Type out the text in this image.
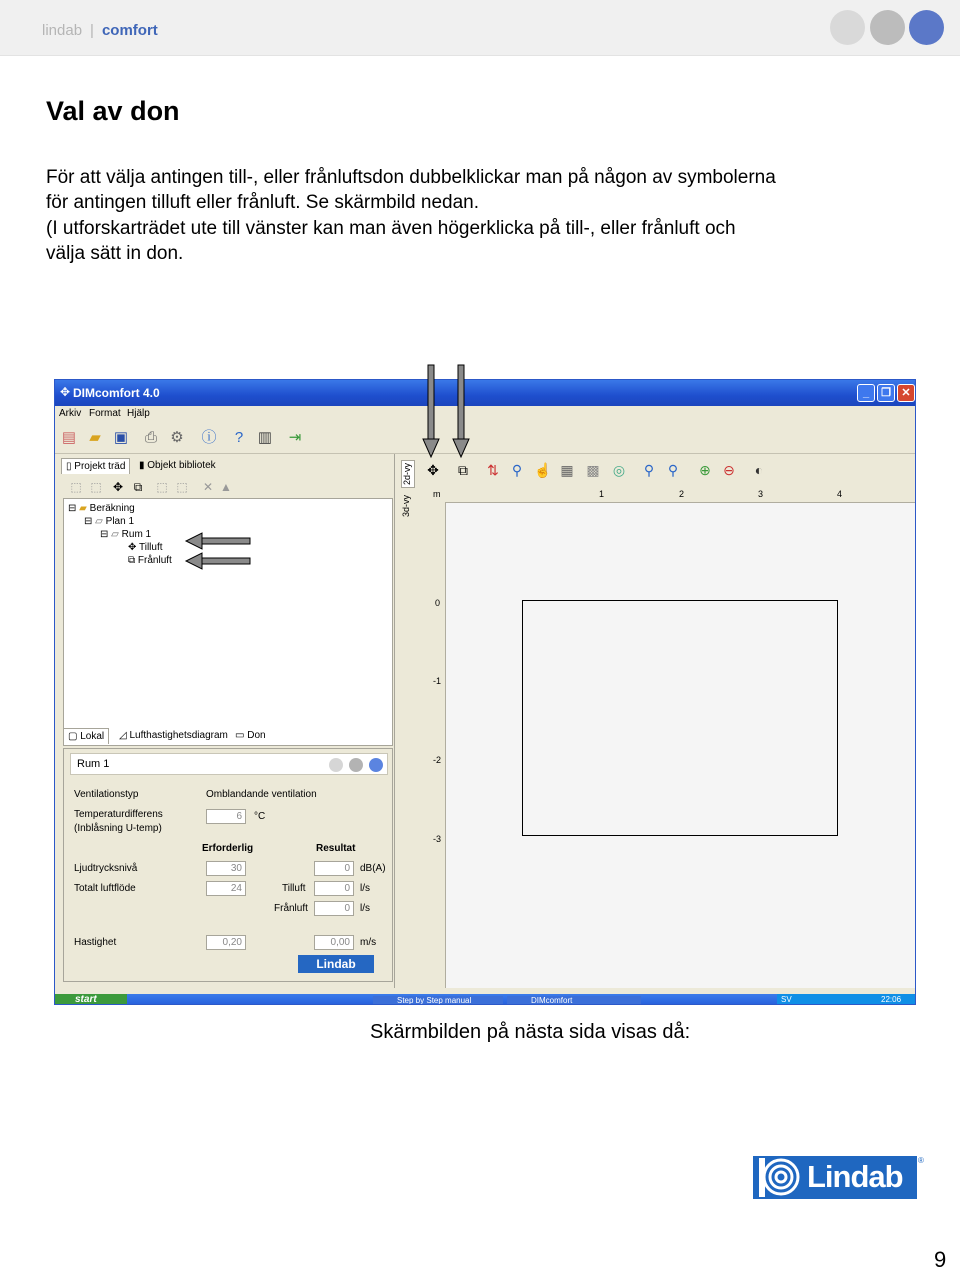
lindab | comfort
Val av don
För att välja antingen till-, eller frånluftsdon dubbelklickar man på någon av symbolerna
för antingen tilluft eller frånluft. Se skärmbild nedan.
(I utforskarträdet ute till vänster kan man även högerklicka på till-, eller frånluft och
välja sätt in don.
✥ DIMcomfort 4.0	_	❐ ✕
Arkiv Format Hjälp
▤ ▰ ▣ ⎙ ⚙ ⓘ	? ▥ ⇥
▯ Projekt träd	▮ Objekt bibliotek
⬚ ⬚ ✥ ⧉	⬚ ⬚	✕ ▲
⊟ ▰ Beräkning
⊟ ▱ Plan 1
⊟ ▱ Rum 1
✥ Tilluft
⧉ Frånluft
▢ Lokal	◿ Lufthastighetsdiagram ▭ Don
Rum 1
Ventilationstyp	Omblandande ventilation
Temperaturdifferens
(Inblåsning U-temp)
6	°C
Erforderlig	Resultat
Ljudtrycksnivå	30	0	dB(A)
Totalt luftflöde	24	Tilluft	0	l/s
Frånluft	0	l/s
Hastighet	0,20	0,00	m/s
Lindab
2d-vy
3d-vy
✥	⧉	⇅ ⚲ ☝ ▦ ▩ ◎	⚲ ⚲	⊕ ⊖	◐
m	1	2	3	4
0
-1
-2
-3
start	Step by Step manual	DIMcomfort	SV	22:06
Skärmbilden på nästa sida visas då:
Lindab ®
9
